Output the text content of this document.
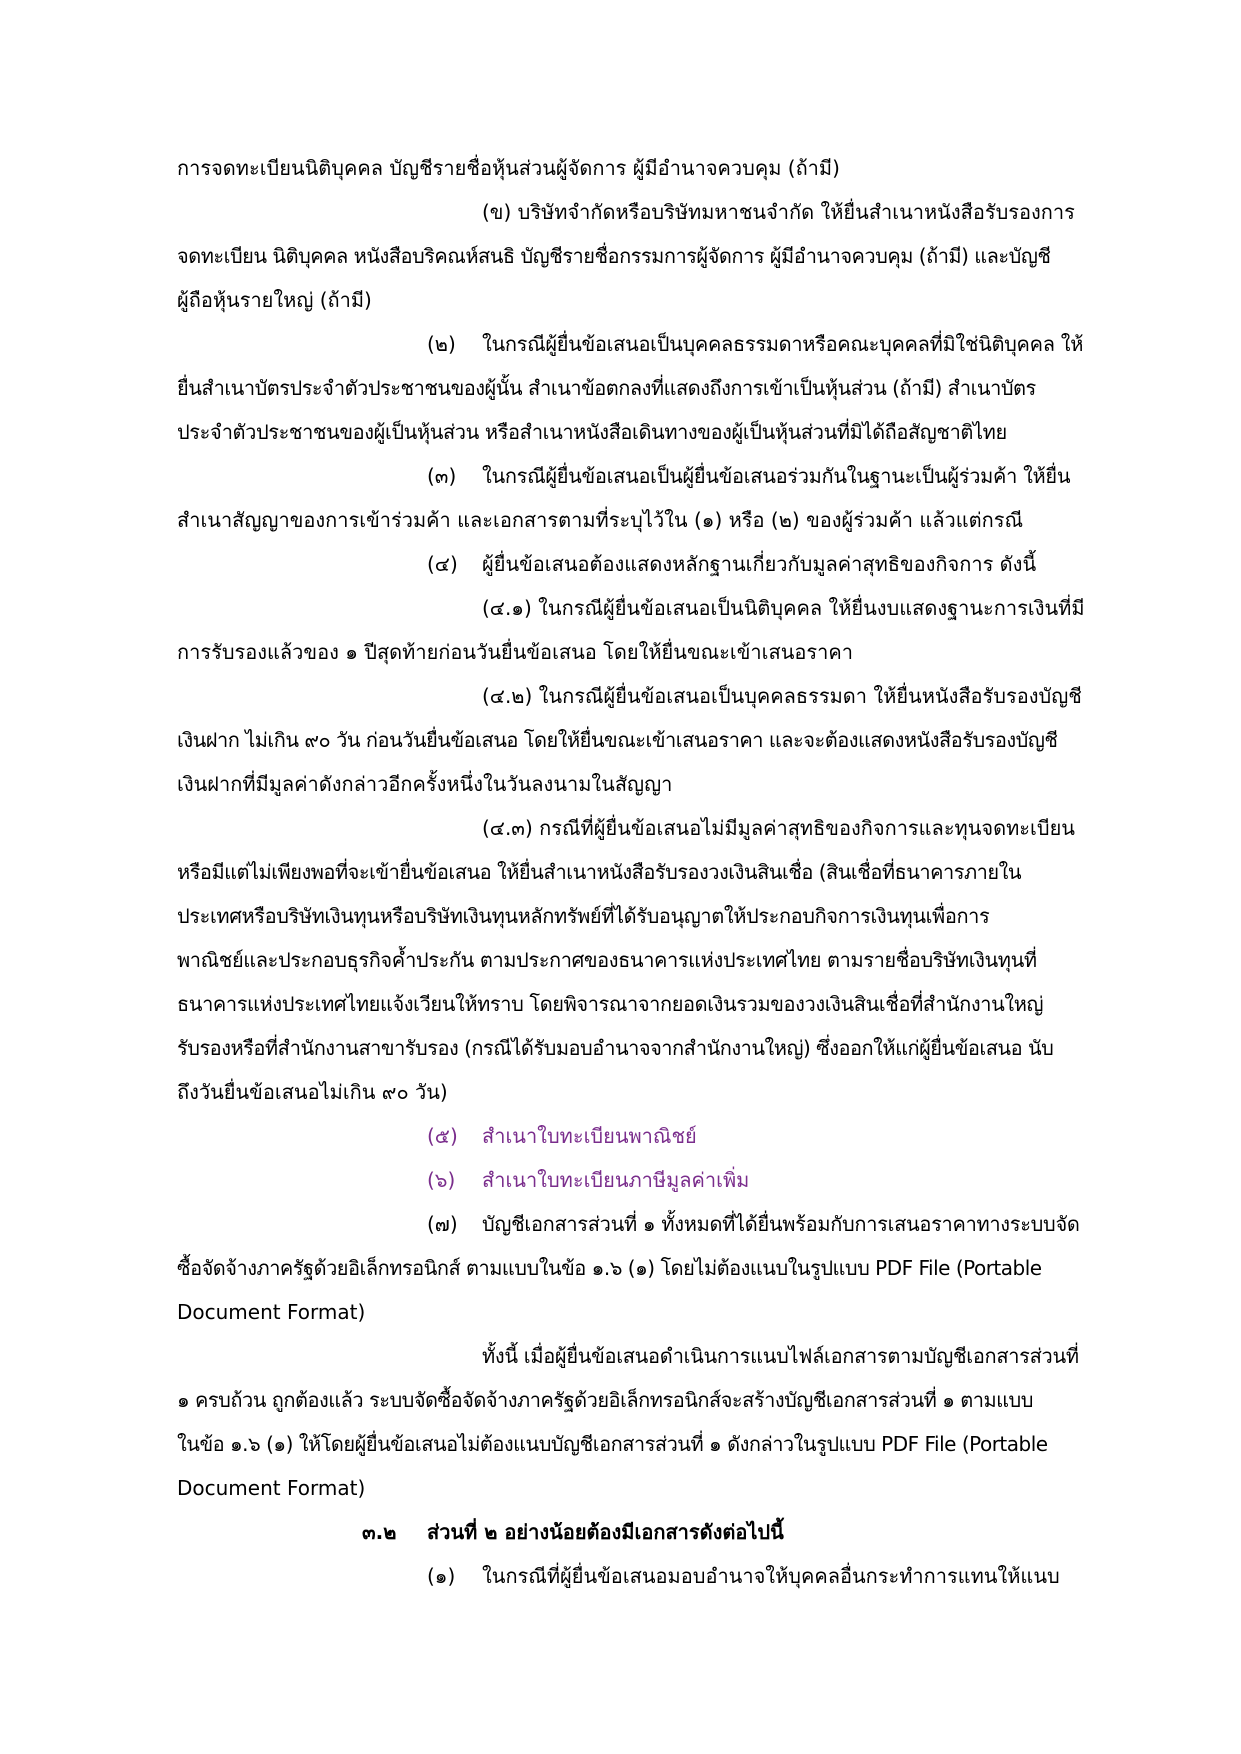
การจดทะเบียนนิติบุคคล บัญชีรายชื่อหุ้นส่วนผู้จัดการ ผู้มีอำนาจควบคุม (ถ้ามี)
(ข) บริษัทจำกัดหรือบริษัทมหาชนจำกัด ให้ยื่นสำเนาหนังสือรับรองการ
จดทะเบียน นิติบุคคล หนังสือบริคณห์สนธิ บัญชีรายชื่อกรรมการผู้จัดการ ผู้มีอำนาจควบคุม (ถ้ามี) และบัญชี
ผู้ถือหุ้นรายใหญ่ (ถ้ามี)
(๒) ในกรณีผู้ยื่นข้อเสนอเป็นบุคคลธรรมดาหรือคณะบุคคลที่มิใช่นิติบุคคล ให้
ยื่นสำเนาบัตรประจำตัวประชาชนของผู้นั้น สำเนาข้อตกลงที่แสดงถึงการเข้าเป็นหุ้นส่วน (ถ้ามี) สำเนาบัตร
ประจำตัวประชาชนของผู้เป็นหุ้นส่วน หรือสำเนาหนังสือเดินทางของผู้เป็นหุ้นส่วนที่มิได้ถือสัญชาติไทย
(๓) ในกรณีผู้ยื่นข้อเสนอเป็นผู้ยื่นข้อเสนอร่วมกันในฐานะเป็นผู้ร่วมค้า ให้ยื่น
สำเนาสัญญาของการเข้าร่วมค้า และเอกสารตามที่ระบุไว้ใน (๑) หรือ (๒) ของผู้ร่วมค้า แล้วแต่กรณี
(๔) ผู้ยื่นข้อเสนอต้องแสดงหลักฐานเกี่ยวกับมูลค่าสุทธิของกิจการ ดังนี้
(๔.๑) ในกรณีผู้ยื่นข้อเสนอเป็นนิติบุคคล ให้ยื่นงบแสดงฐานะการเงินที่มี
การรับรองแล้วของ ๑ ปีสุดท้ายก่อนวันยื่นข้อเสนอ โดยให้ยื่นขณะเข้าเสนอราคา
(๔.๒) ในกรณีผู้ยื่นข้อเสนอเป็นบุคคลธรรมดา ให้ยื่นหนังสือรับรองบัญชี
เงินฝาก ไม่เกิน ๙๐ วัน ก่อนวันยื่นข้อเสนอ โดยให้ยื่นขณะเข้าเสนอราคา และจะต้องแสดงหนังสือรับรองบัญชี
เงินฝากที่มีมูลค่าดังกล่าวอีกครั้งหนึ่งในวันลงนามในสัญญา
(๔.๓) กรณีที่ผู้ยื่นข้อเสนอไม่มีมูลค่าสุทธิของกิจการและทุนจดทะเบียน
หรือมีแต่ไม่เพียงพอที่จะเข้ายื่นข้อเสนอ ให้ยื่นสำเนาหนังสือรับรองวงเงินสินเชื่อ (สินเชื่อที่ธนาคารภายใน
ประเทศหรือบริษัทเงินทุนหรือบริษัทเงินทุนหลักทรัพย์ที่ได้รับอนุญาตให้ประกอบกิจการเงินทุนเพื่อการ
พาณิชย์และประกอบธุรกิจค้ำประกัน ตามประกาศของธนาคารแห่งประเทศไทย ตามรายชื่อบริษัทเงินทุนที่
ธนาคารแห่งประเทศไทยแจ้งเวียนให้ทราบ โดยพิจารณาจากยอดเงินรวมของวงเงินสินเชื่อที่สำนักงานใหญ่
รับรองหรือที่สำนักงานสาขารับรอง (กรณีได้รับมอบอำนาจจากสำนักงานใหญ่) ซึ่งออกให้แก่ผู้ยื่นข้อเสนอ นับ
ถึงวันยื่นข้อเสนอไม่เกิน ๙๐ วัน)
(๕) สำเนาใบทะเบียนพาณิชย์
(๖) สำเนาใบทะเบียนภาษีมูลค่าเพิ่ม
(๗) บัญชีเอกสารส่วนที่ ๑ ทั้งหมดที่ได้ยื่นพร้อมกับการเสนอราคาทางระบบจัด
ซื้อจัดจ้างภาครัฐด้วยอิเล็กทรอนิกส์ ตามแบบในข้อ ๑.๖ (๑) โดยไม่ต้องแนบในรูปแบบ PDF File (Portable
Document Format)
ทั้งนี้ เมื่อผู้ยื่นข้อเสนอดำเนินการแนบไฟล์เอกสารตามบัญชีเอกสารส่วนที่
๑ ครบถ้วน ถูกต้องแล้ว ระบบจัดซื้อจัดจ้างภาครัฐด้วยอิเล็กทรอนิกส์จะสร้างบัญชีเอกสารส่วนที่ ๑ ตามแบบ
ในข้อ ๑.๖ (๑) ให้โดยผู้ยื่นข้อเสนอไม่ต้องแนบบัญชีเอกสารส่วนที่ ๑ ดังกล่าวในรูปแบบ PDF File (Portable
Document Format)
๓.๒ ส่วนที่ ๒ อย่างน้อยต้องมีเอกสารดังต่อไปนี้
(๑) ในกรณีที่ผู้ยื่นข้อเสนอมอบอำนาจให้บุคคลอื่นกระทำการแทนให้แนบ
